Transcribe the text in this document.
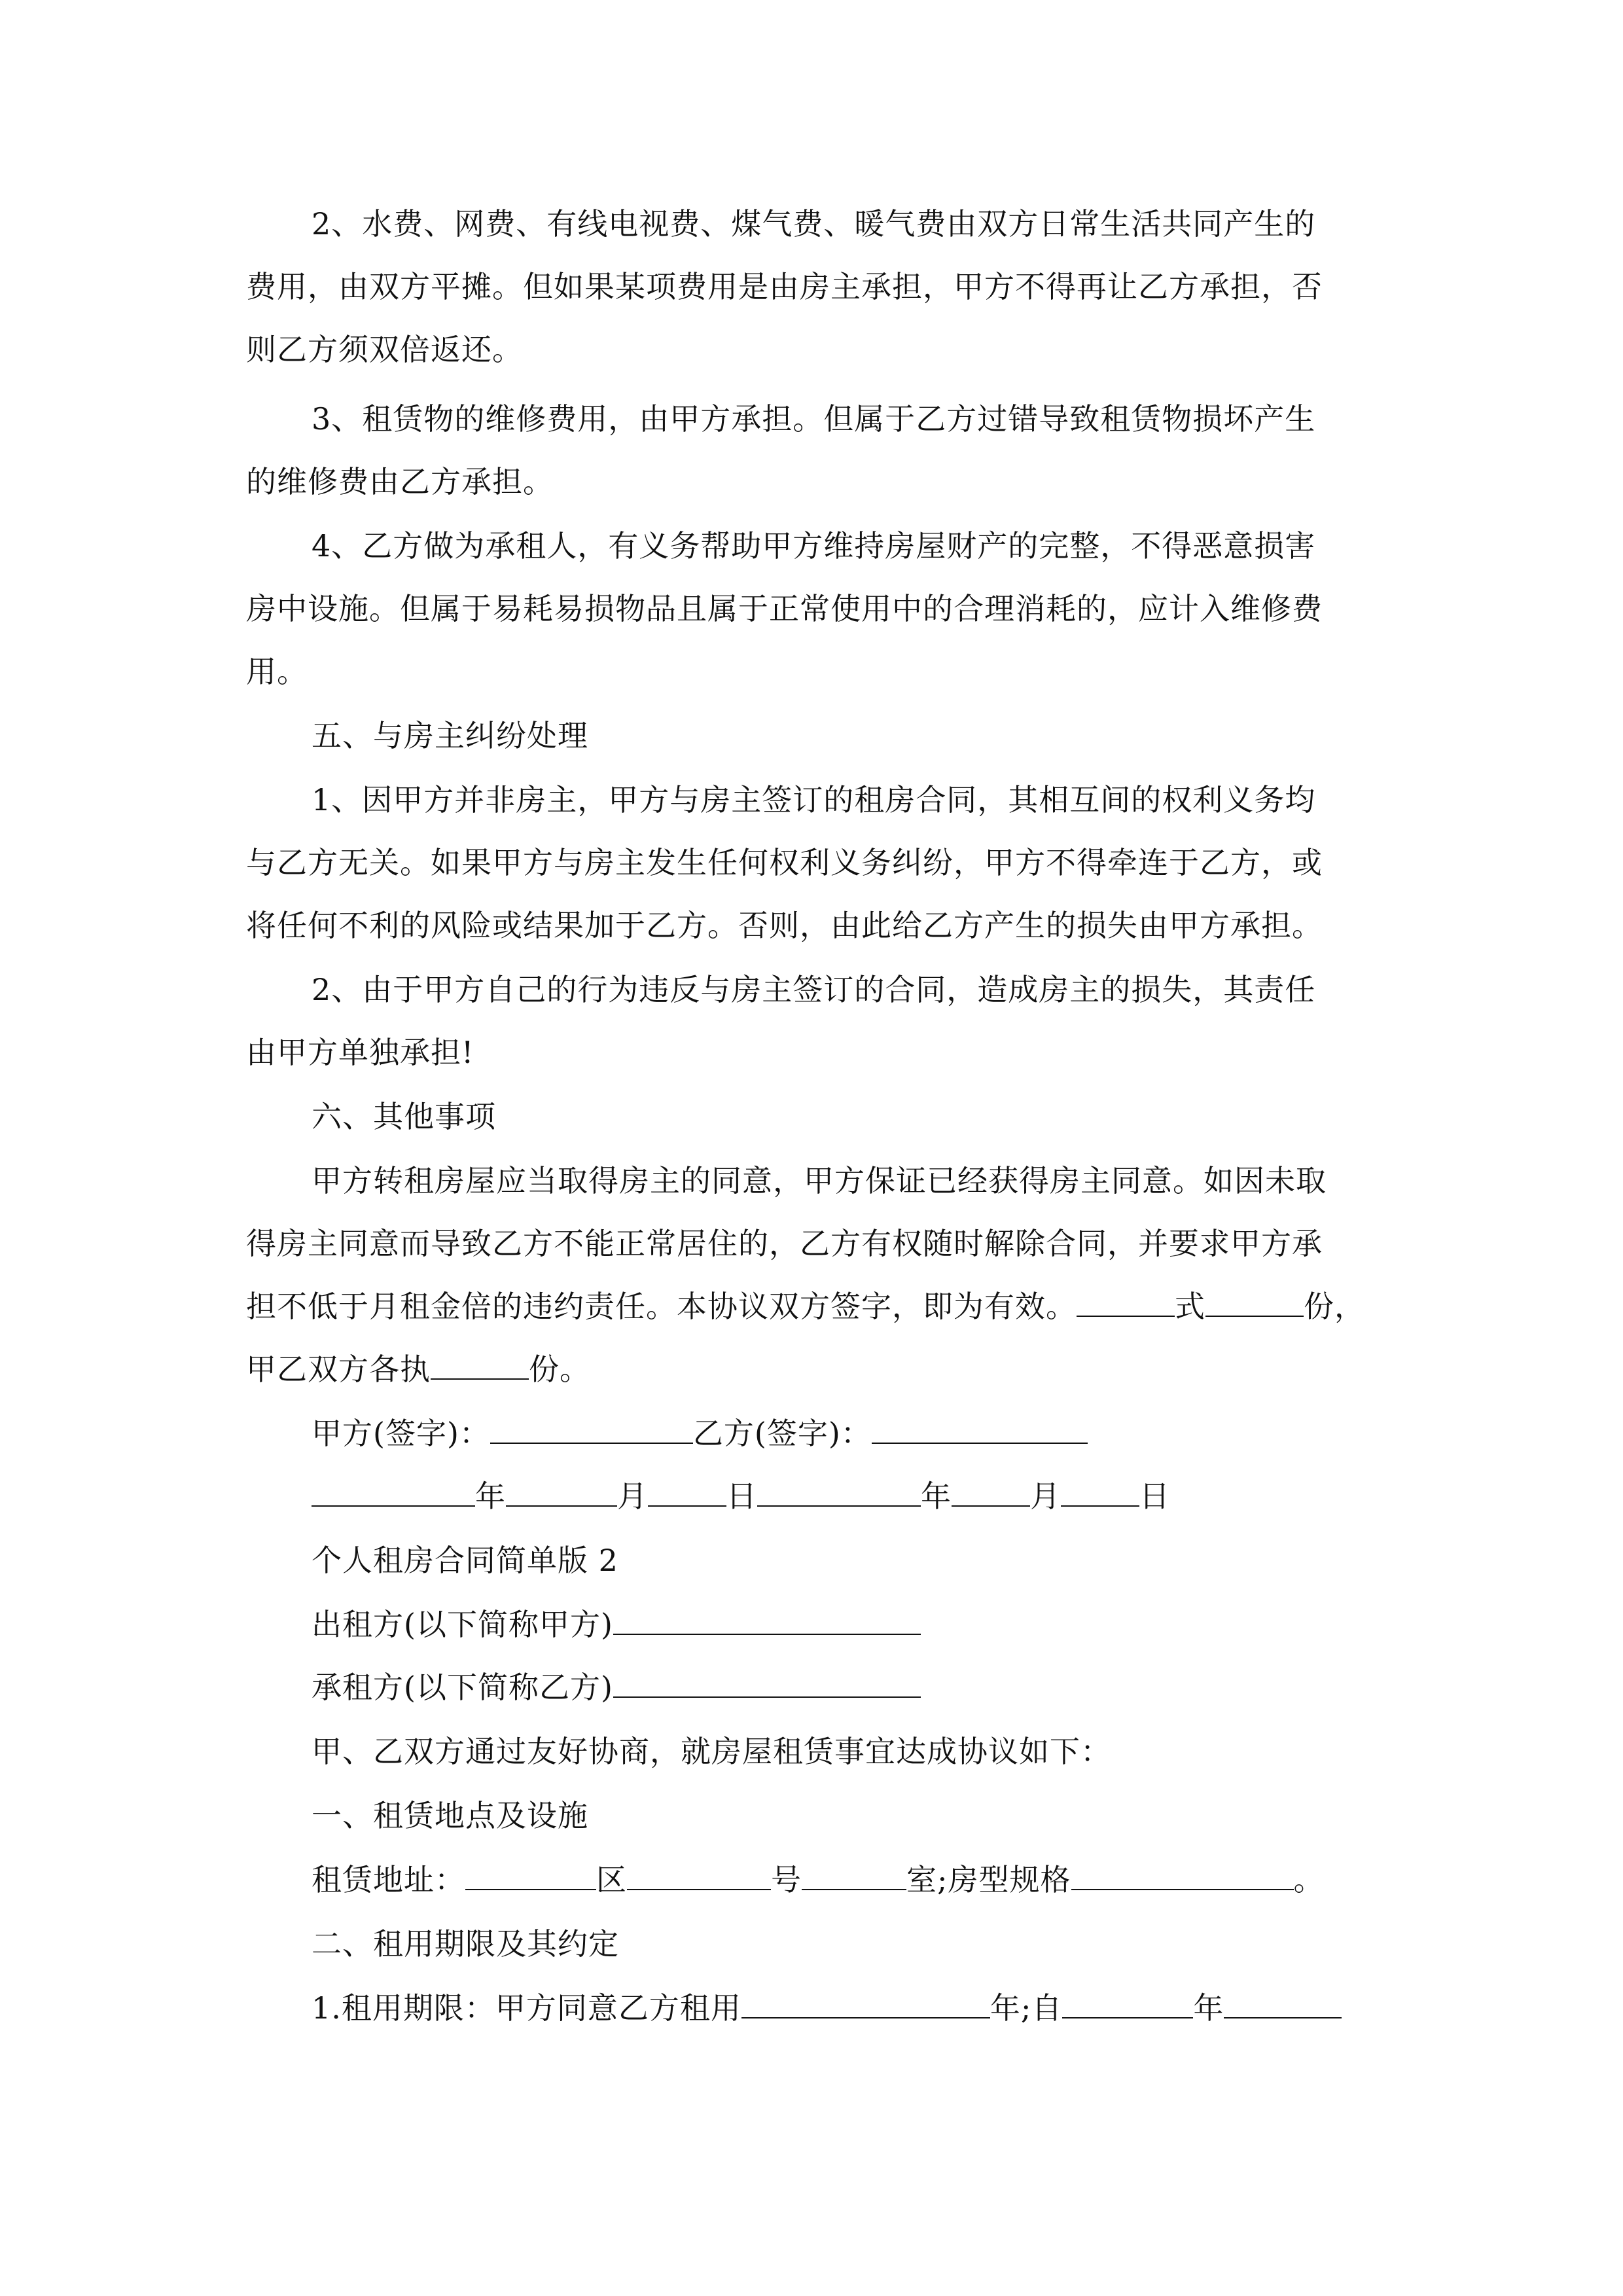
2、水费、网费、有线电视费、煤气费、暖气费由双方日常生活共同产生的
费用，由双方平摊。但如果某项费用是由房主承担，甲方不得再让乙方承担，否
则乙方须双倍返还。
3、租赁物的维修费用，由甲方承担。但属于乙方过错导致租赁物损坏产生
的维修费由乙方承担。
4、乙方做为承租人，有义务帮助甲方维持房屋财产的完整，不得恶意损害
房中设施。但属于易耗易损物品且属于正常使用中的合理消耗的，应计入维修费
用。
五、与房主纠纷处理
1、因甲方并非房主，甲方与房主签订的租房合同，其相互间的权利义务均
与乙方无关。如果甲方与房主发生任何权利义务纠纷，甲方不得牵连于乙方，或
将任何不利的风险或结果加于乙方。否则，由此给乙方产生的损失由甲方承担。
2、由于甲方自己的行为违反与房主签订的合同，造成房主的损失，其责任
由甲方单独承担!
六、其他事项
甲方转租房屋应当取得房主的同意，甲方保证已经获得房主同意。如因未取
得房主同意而导致乙方不能正常居住的，乙方有权随时解除合同，并要求甲方承
担不低于月租金倍的违约责任。本协议双方签字，即为有效。	式	份，
甲乙双方各执	份。
甲方(签字)：	乙方(签字)：
年	月	日	年	月	日
个人租房合同简单版 2
出租方(以下简称甲方)
承租方(以下简称乙方)
甲、乙双方通过友好协商，就房屋租赁事宜达成协议如下：
一、租赁地点及设施
租赁地址：	区	号	室;房型规格	。
二、租用期限及其约定
1.租用期限：甲方同意乙方租用	年;自	年
